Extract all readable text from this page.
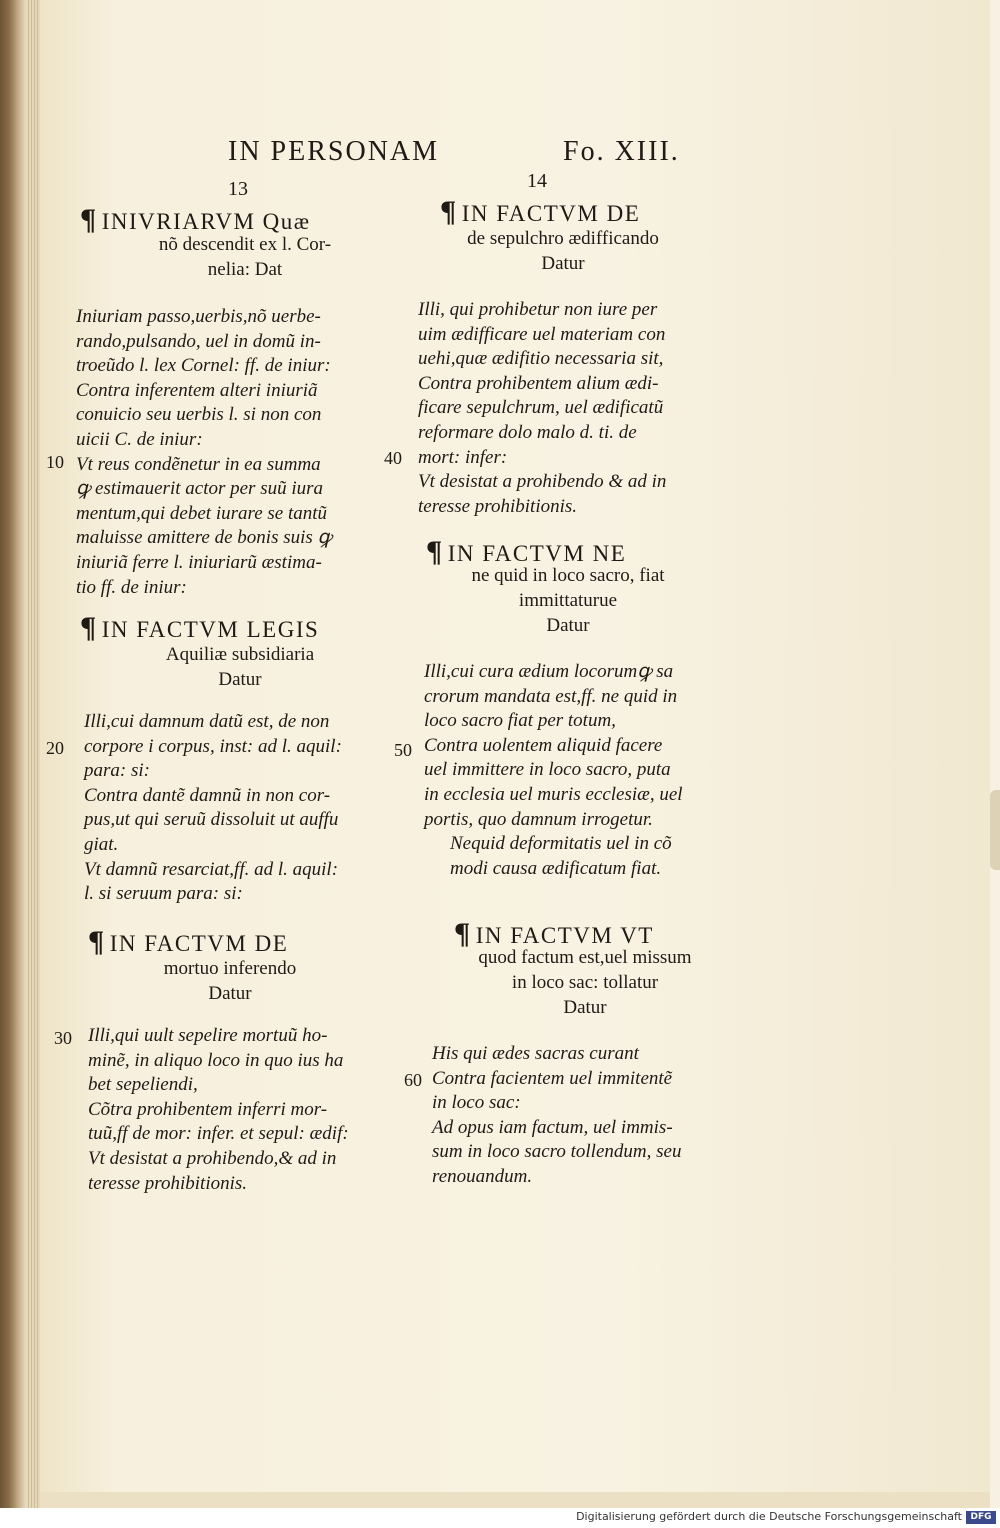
IN PERSONAM	Fo. XIII.
13
¶ INIVRIARVM Quæ
nõ descendit ex l. Cor-
nelia: Dat
Iniuriam passo,uerbis,nõ uerbe-
rando,pulsando, uel in domũ in-
troeũdo l. lex Cornel: ff. de iniur:
Contra inferentem alteri iniuriã
conuicio seu uerbis l. si non con
uicii C. de iniur:
Vt reus condẽnetur in ea summa
ꝙ estimauerit actor per suũ iura
mentum,qui debet iurare se tantũ
maluisse amittere de bonis suis ꝙ
iniuriã ferre l. iniuriarũ æstima-
tio ff. de iniur:
¶ IN FACTVM LEGIS
Aquiliæ subsidiaria
Datur
Illi,cui damnum datũ est, de non
corpore i corpus, inst: ad l. aquil:
para: si:
Contra dantẽ damnũ in non cor-
pus,ut qui seruũ dissoluit ut auffu
giat.
Vt damnũ resarciat,ff. ad l. aquil:
l. si seruum para: si:
¶ IN FACTVM DE
mortuo inferendo
Datur
Illi,qui uult sepelire mortuũ ho-
minẽ, in aliquo loco in quo ius ha
bet sepeliendi,
Cõtra prohibentem inferri mor-
tuũ,ff de mor: infer. et sepul: ædif:
Vt desistat a prohibendo,& ad in
teresse prohibitionis.
10
20
30
14
¶ IN FACTVM DE
de sepulchro ædifficando
Datur
Illi, qui prohibetur non iure per
uim ædifficare uel materiam con
uehi,quæ ædifitio necessaria sit,
Contra prohibentem alium ædi-
ficare sepulchrum, uel ædificatũ
reformare dolo malo d. ti. de
mort: infer:
Vt desistat a prohibendo & ad in
teresse prohibitionis.
¶ IN FACTVM NE
ne quid in loco sacro, fiat
immittaturue
Datur
Illi,cui cura ædium locorumꝙ sa
crorum mandata est,ff. ne quid in
loco sacro fiat per totum,
Contra uolentem aliquid facere
uel immittere in loco sacro, puta
in ecclesia uel muris ecclesiæ, uel
portis, quo damnum irrogetur.
Nequid deformitatis uel in cõ
modi causa ædificatum fiat.
¶ IN FACTVM VT
quod factum est,uel missum
in loco sac: tollatur
Datur
His qui ædes sacras curant
Contra facientem uel immitentẽ
in loco sac:
Ad opus iam factum, uel immis-
sum in loco sacro tollendum, seu
renouandum.
40
50
60
Digitalisierung gefördert durch die Deutsche Forschungsgemeinschaft DFG
